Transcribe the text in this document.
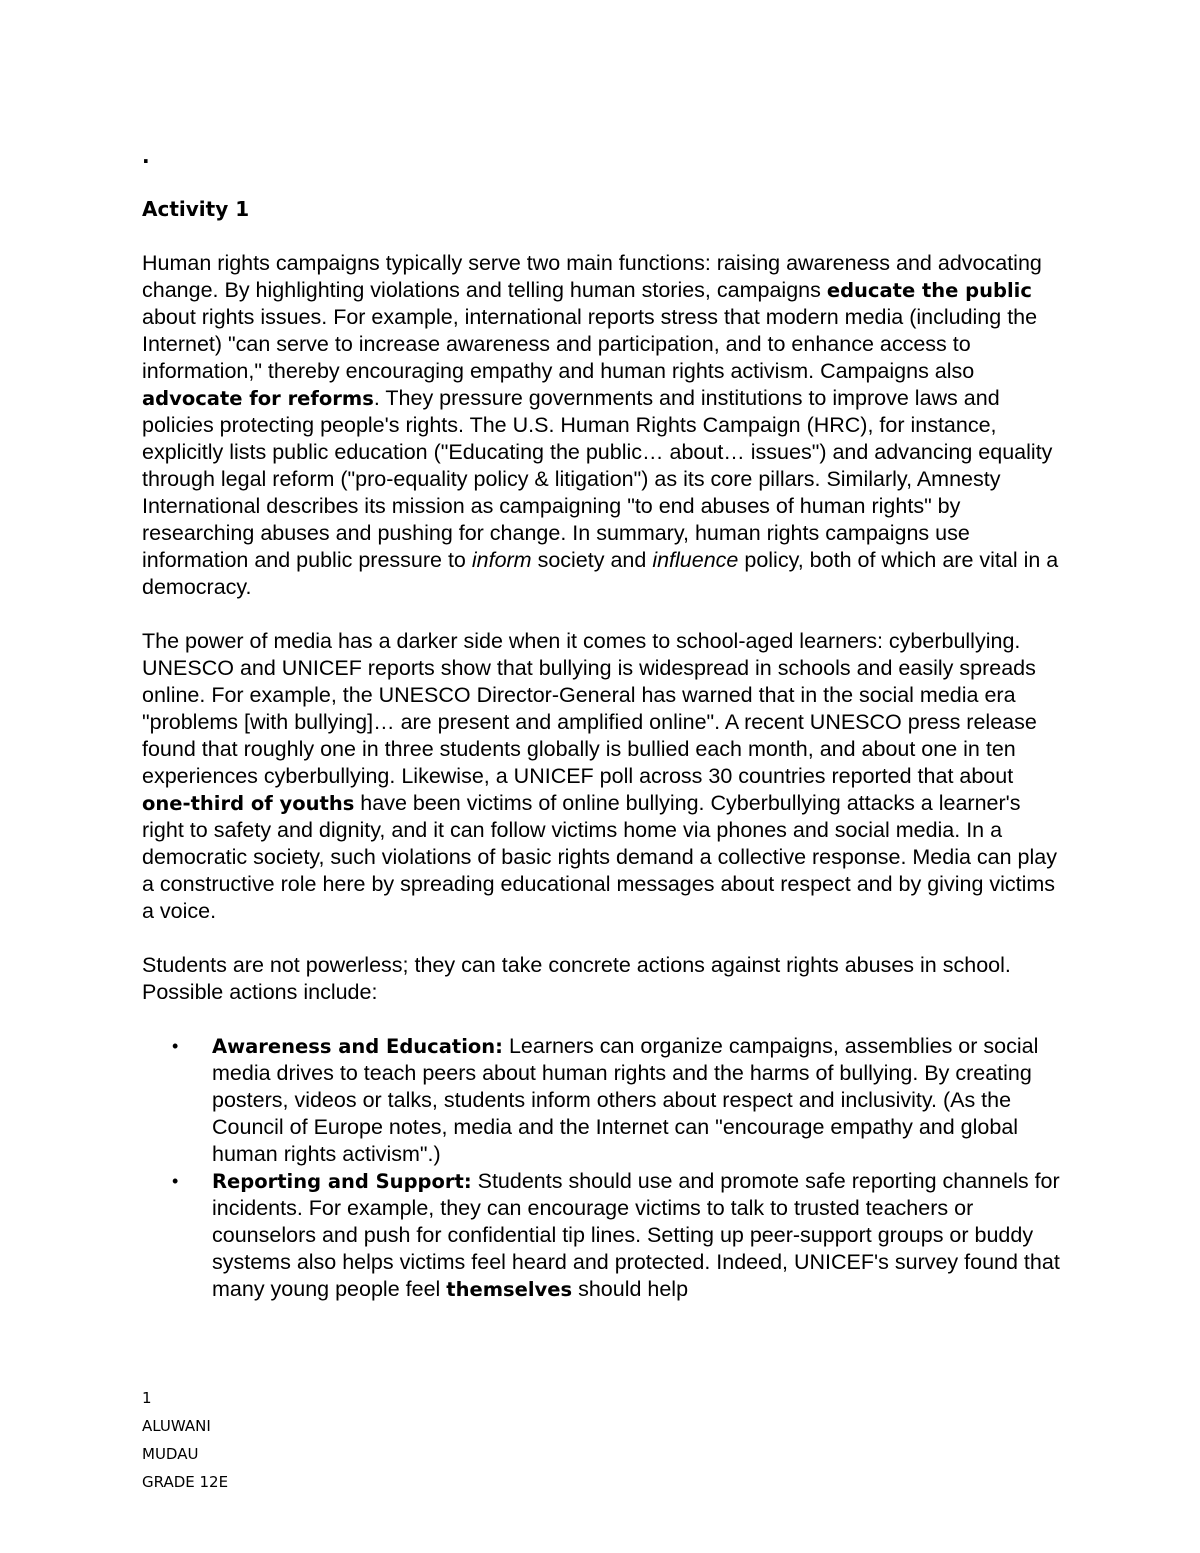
.
Activity 1

Human rights campaigns typically serve two main functions: raising awareness and advocating change. By highlighting violations and telling human stories, campaigns educate the public about rights issues. For example, international reports stress that modern media (including the Internet) "can serve to increase awareness and participation, and to enhance access to information," thereby encouraging empathy and human rights activism. Campaigns also advocate for reforms. They pressure governments and institutions to improve laws and policies protecting people's rights. The U.S. Human Rights Campaign (HRC), for instance, explicitly lists public education ("Educating the public… about… issues") and advancing equality through legal reform ("pro-equality policy & litigation") as its core pillars. Similarly, Amnesty International describes its mission as campaigning "to end abuses of human rights" by researching abuses and pushing for change. In summary, human rights campaigns use information and public pressure to inform society and influence policy, both of which are vital in a democracy.

The power of media has a darker side when it comes to school-aged learners: cyberbullying. UNESCO and UNICEF reports show that bullying is widespread in schools and easily spreads online. For example, the UNESCO Director-General has warned that in the social media era "problems [with bullying]… are present and amplified online". A recent UNESCO press release found that roughly one in three students globally is bullied each month, and about one in ten experiences cyberbullying. Likewise, a UNICEF poll across 30 countries reported that about one-third of youths have been victims of online bullying. Cyberbullying attacks a learner's right to safety and dignity, and it can follow victims home via phones and social media. In a democratic society, such violations of basic rights demand a collective response. Media can play a constructive role here by spreading educational messages about respect and by giving victims a voice.

Students are not powerless; they can take concrete actions against rights abuses in school. Possible actions include:

• Awareness and Education: Learners can organize campaigns, assemblies or social media drives to teach peers about human rights and the harms of bullying. By creating posters, videos or talks, students inform others about respect and inclusivity. (As the Council of Europe notes, media and the Internet can "encourage empathy and global human rights activism".)
• Reporting and Support: Students should use and promote safe reporting channels for incidents. For example, they can encourage victims to talk to trusted teachers or counselors and push for confidential tip lines. Setting up peer-support groups or buddy systems also helps victims feel heard and protected. Indeed, UNICEF's survey found that many young people feel themselves should help
1
ALUWANI
MUDAU
GRADE 12E
